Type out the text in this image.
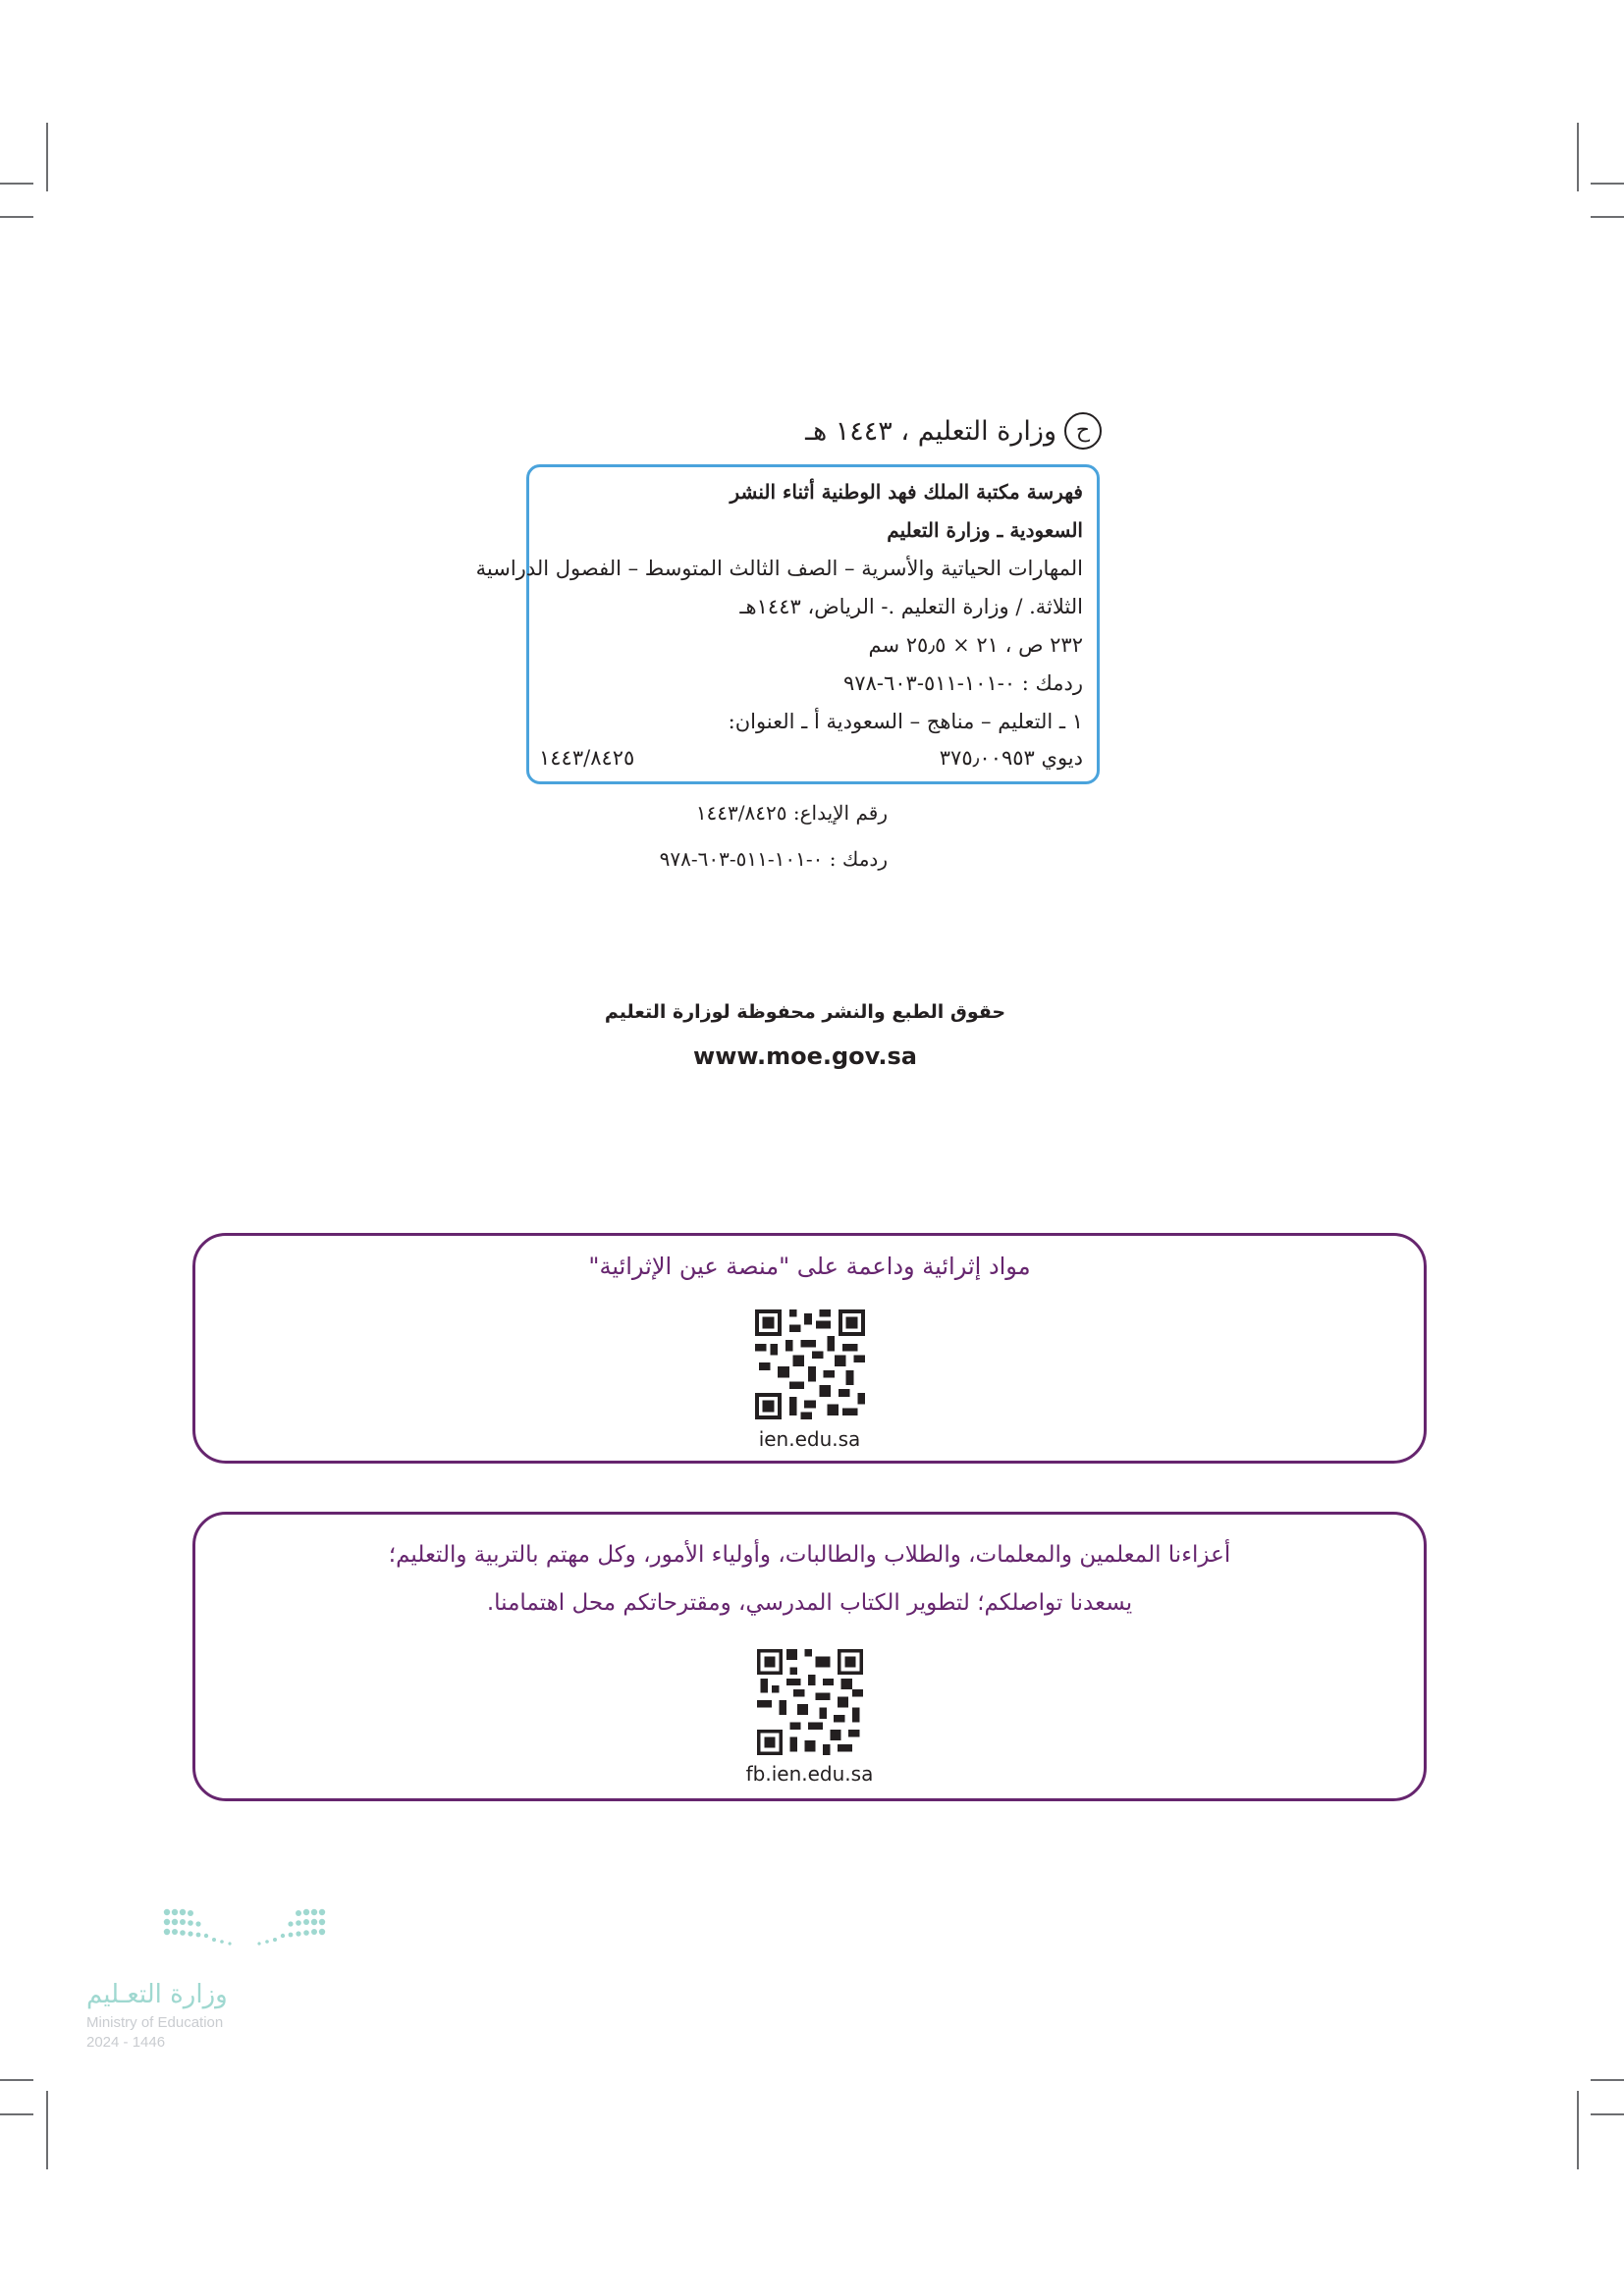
ح
وزارة التعليم ، ١٤٤٣ هـ
فهرسة مكتبة الملك فهد الوطنية أثناء النشر
السعودية ـ وزارة التعليم
المهارات الحياتية والأسرية – الصف الثالث المتوسط – الفصول الدراسية
الثلاثة. / وزارة التعليم .- الرياض، ١٤٤٣هـ
٢٣٢ ص ، ٢١ × ٢٥٫٥ سم
ردمك : ٠-١٠١-٥١١-٦٠٣-٩٧٨
١ ـ التعليم – مناهج – السعودية أ ـ العنوان:
ديوي ٣٧٥٫٠٠٩٥٣
١٤٤٣/٨٤٢٥
رقم الإيداع: ١٤٤٣/٨٤٢٥
ردمك : ٠-١٠١-٥١١-٦٠٣-٩٧٨
حقوق الطبع والنشر محفوظة لوزارة التعليم
www.moe.gov.sa
مواد إثرائية وداعمة على "منصة عين الإثرائية"
ien.edu.sa
أعزاءنا المعلمين والمعلمات، والطلاب والطالبات، وأولياء الأمور، وكل مهتم بالتربية والتعليم؛
يسعدنا تواصلكم؛ لتطوير الكتاب المدرسي، ومقترحاتكم محل اهتمامنا.
fb.ien.edu.sa
وزارة التعـليم
Ministry of Education
2024 - 1446
